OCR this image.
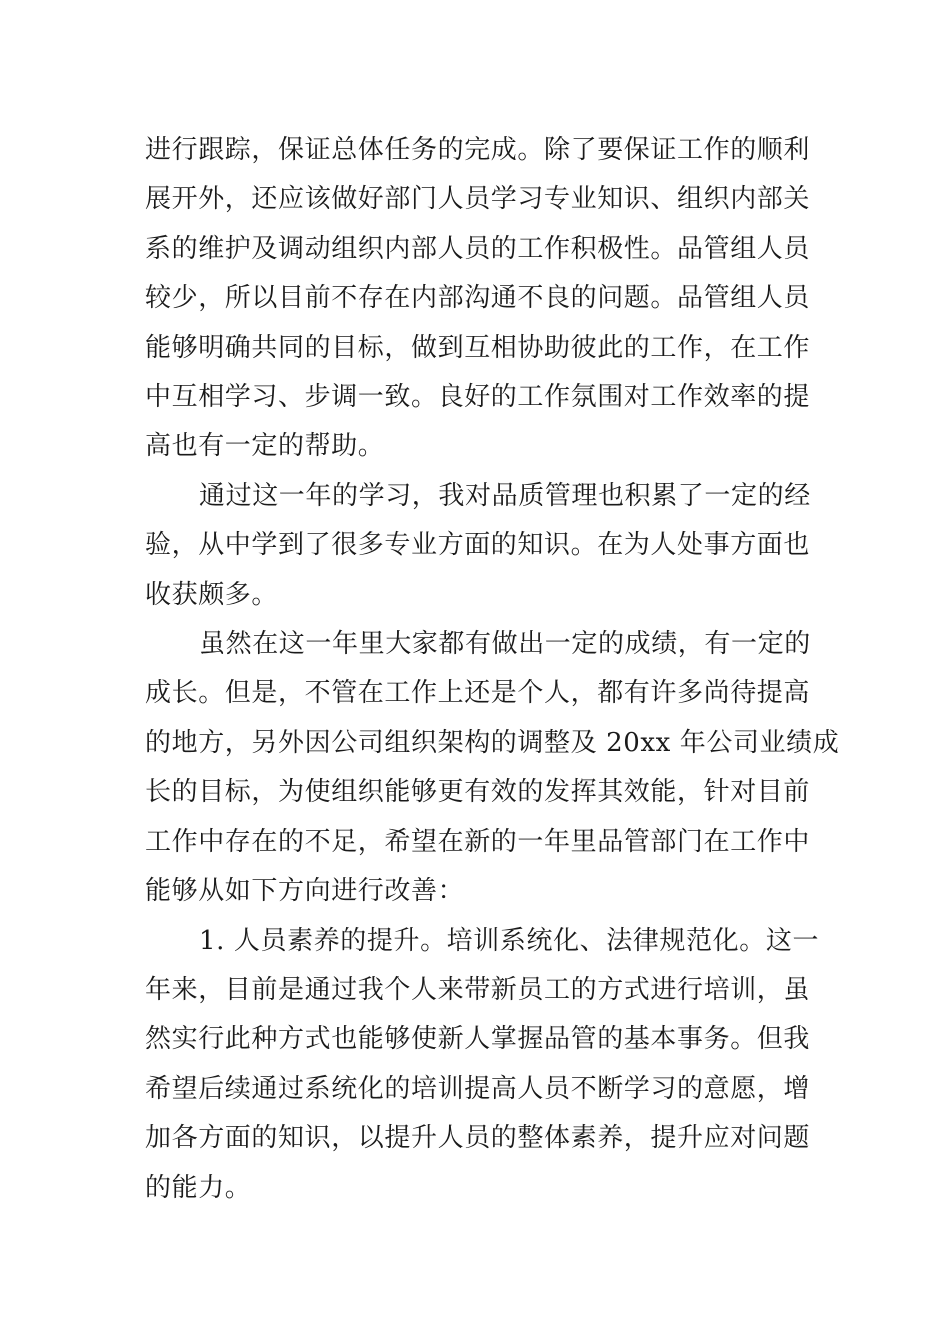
进行跟踪，保证总体任务的完成。除了要保证工作的顺利
展开外，还应该做好部门人员学习专业知识、组织内部关
系的维护及调动组织内部人员的工作积极性。品管组人员
较少，所以目前不存在内部沟通不良的问题。品管组人员
能够明确共同的目标，做到互相协助彼此的工作，在工作
中互相学习、步调一致。良好的工作氛围对工作效率的提
高也有一定的帮助。

通过这一年的学习，我对品质管理也积累了一定的经
验，从中学到了很多专业方面的知识。在为人处事方面也
收获颇多。

虽然在这一年里大家都有做出一定的成绩，有一定的
成长。但是，不管在工作上还是个人，都有许多尚待提高
的地方，另外因公司组织架构的调整及 20xx 年公司业绩成
长的目标，为使组织能够更有效的发挥其效能，针对目前
工作中存在的不足，希望在新的一年里品管部门在工作中
能够从如下方向进行改善：

1. 人员素养的提升。培训系统化、法律规范化。这一
年来，目前是通过我个人来带新员工的方式进行培训，虽
然实行此种方式也能够使新人掌握品管的基本事务。但我
希望后续通过系统化的培训提高人员不断学习的意愿，增
加各方面的知识，以提升人员的整体素养，提升应对问题
的能力。
